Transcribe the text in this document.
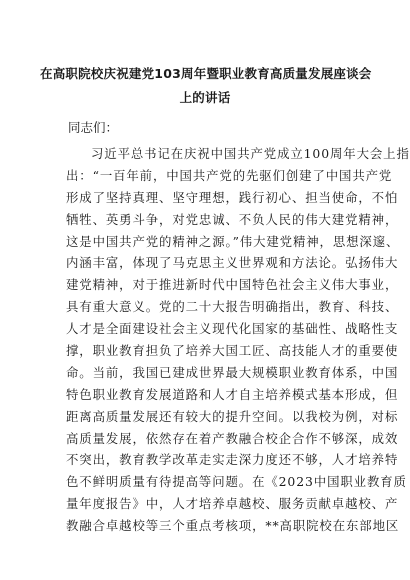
在高职院校庆祝建党103周年暨职业教育高质量发展座谈会
上的讲话

同志们：

习近平总书记在庆祝中国共产党成立100周年大会上指
出：“一百年前，中国共产党的先驱们创建了中国共产党
形成了坚持真理、坚守理想，践行初心、担当使命，不怕
牺牲、英勇斗争，对党忠诚、不负人民的伟大建党精神，
这是中国共产党的精神之源。”伟大建党精神，思想深邃、
内涵丰富，体现了马克思主义世界观和方法论。弘扬伟大
建党精神，对于推进新时代中国特色社会主义伟大事业，
具有重大意义。党的二十大报告明确指出，教育、科技、
人才是全面建设社会主义现代化国家的基础性、战略性支
撑，职业教育担负了培养大国工匠、高技能人才的重要使
命。当前，我国已建成世界最大规模职业教育体系，中国
特色职业教育发展道路和人才自主培养模式基本形成，但
距离高质量发展还有较大的提升空间。以我校为例，对标
高质量发展，依然存在着产教融合校企合作不够深，成效
不突出，教育教学改革走实走深力度还不够，人才培养特
色不鲜明质量有待提高等问题。在《2023中国职业教育质
量年度报告》中，人才培养卓越校、服务贡献卓越校、产
教融合卓越校等三个重点考核项，**高职院校在东部地区
